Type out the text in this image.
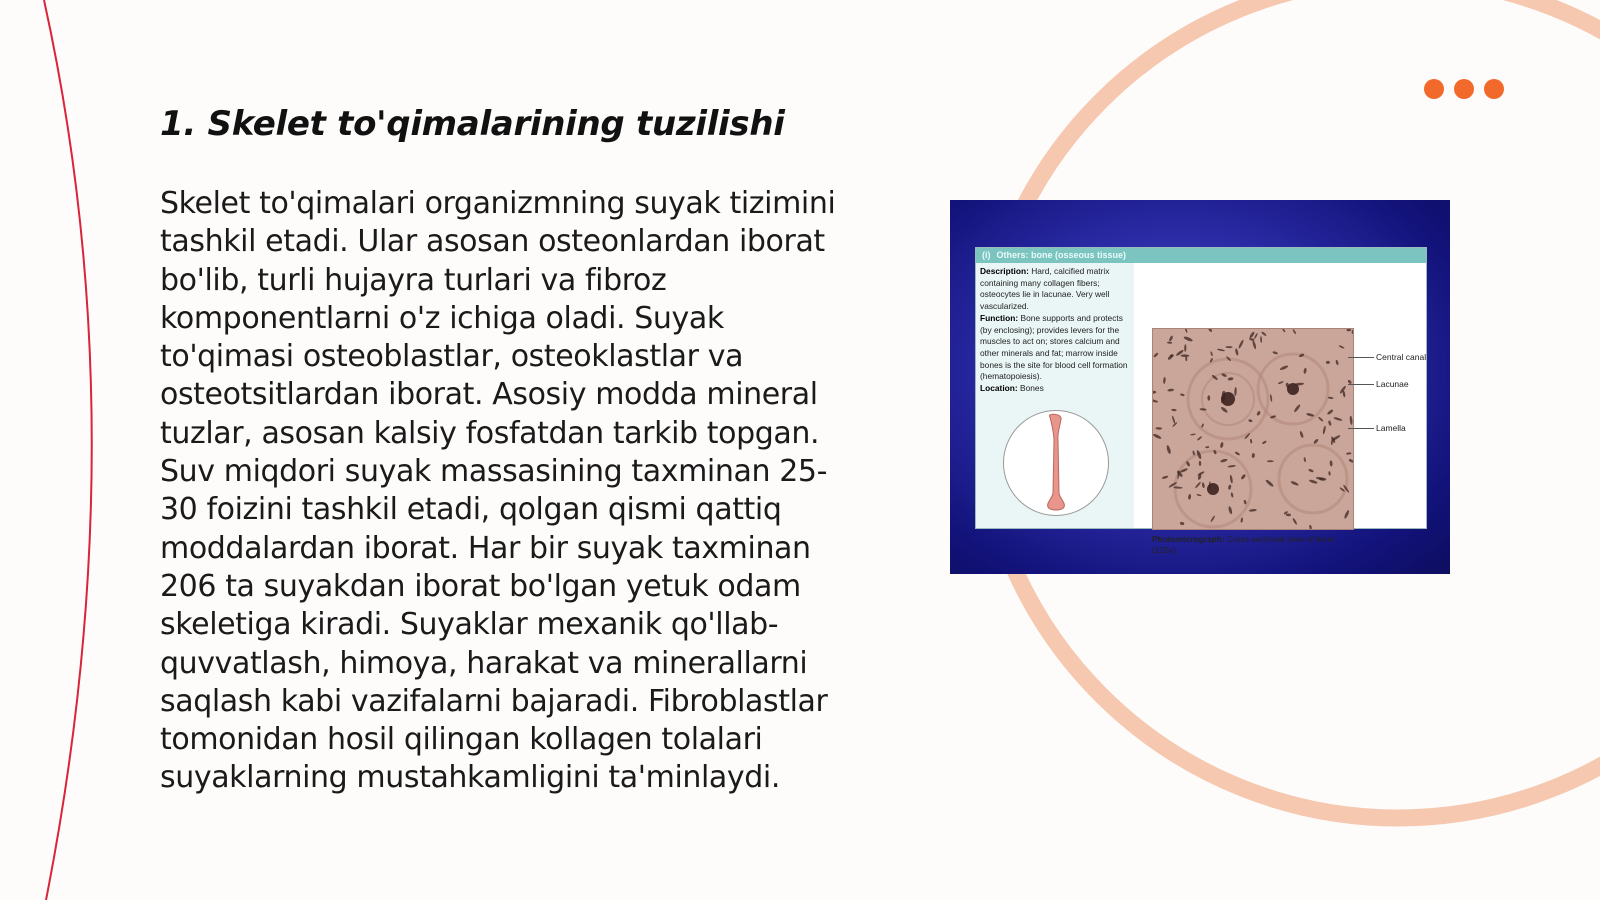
1. Skelet to'qimalarining tuzilishi

Skelet to'qimalari organizmning suyak tizimini tashkil etadi. Ular asosan osteonlardan iborat bo'lib, turli hujayra turlari va fibroz komponentlarni o'z ichiga oladi. Suyak to'qimasi osteoblastlar, osteoklastlar va osteotsitlardan iborat. Asosiy modda mineral tuzlar, asosan kalsiy fosfatdan tarkib topgan. Suv miqdori suyak massasining taxminan 25-30 foizini tashkil etadi, qolgan qismi qattiq moddalardan iborat. Har bir suyak taxminan 206 ta suyakdan iborat bo'lgan yetuk odam skeletiga kiradi. Suyaklar mexanik qo'llab-quvvatlash, himoya, harakat va minerallarni saqlash kabi vazifalarni bajaradi. Fibroblastlar tomonidan hosil qilingan kollagen tolalari suyaklarning mustahkamligini ta'minlaydi.

(i) Others: bone (osseous tissue)

Description: Hard, calcified matrix containing many collagen fibers; osteocytes lie in lacunae. Very well vascularized.
Function: Bone supports and protects (by enclosing); provides levers for the muscles to act on; stores calcium and other minerals and fat; marrow inside bones is the site for blood cell formation (hematopoiesis).
Location: Bones

Central canal
Lacunae
Lamella
Photomicrograph: Cross-sectional view of bone (125x).
